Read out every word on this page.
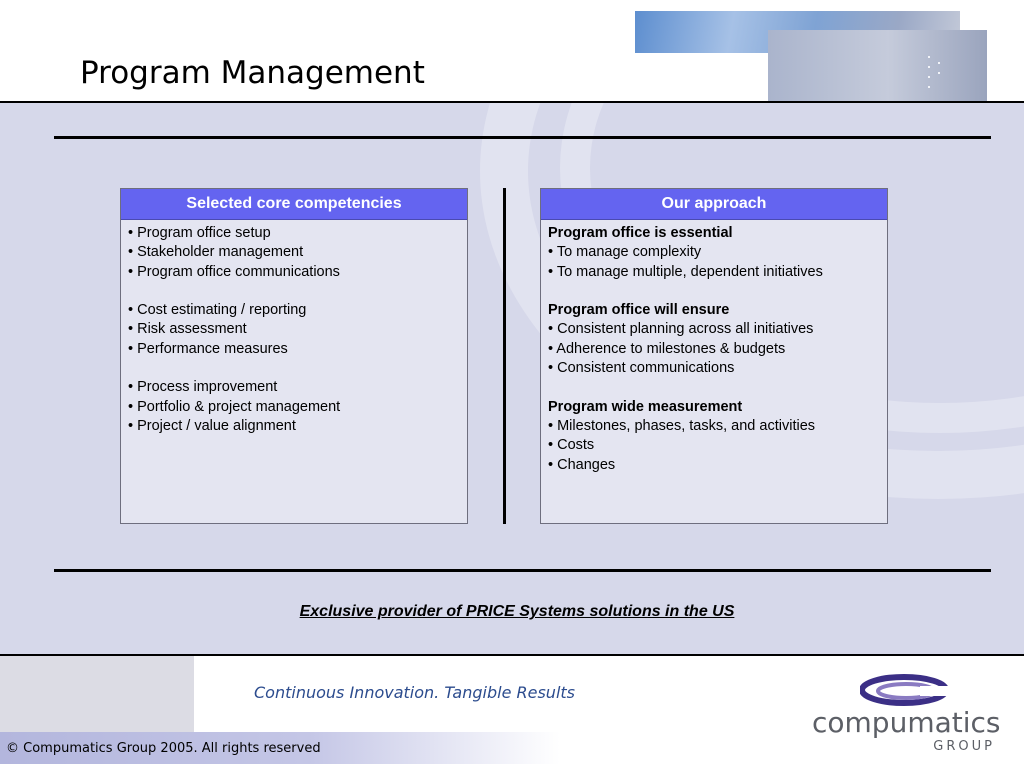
Program Management
Selected core competencies
• Program office setup
• Stakeholder management
• Program office communications
• Cost estimating / reporting
• Risk assessment
• Performance measures
• Process improvement
• Portfolio & project management
• Project / value alignment
Our approach
Program office is essential
• To manage complexity
• To manage multiple, dependent initiatives
Program office will ensure
• Consistent planning across all initiatives
• Adherence to milestones & budgets
• Consistent communications
Program wide measurement
• Milestones, phases, tasks, and activities
• Costs
• Changes
Exclusive provider of PRICE Systems solutions in the US
Continuous Innovation. Tangible Results
© Compumatics Group 2005. All rights reserved
compumatics
GROUP
